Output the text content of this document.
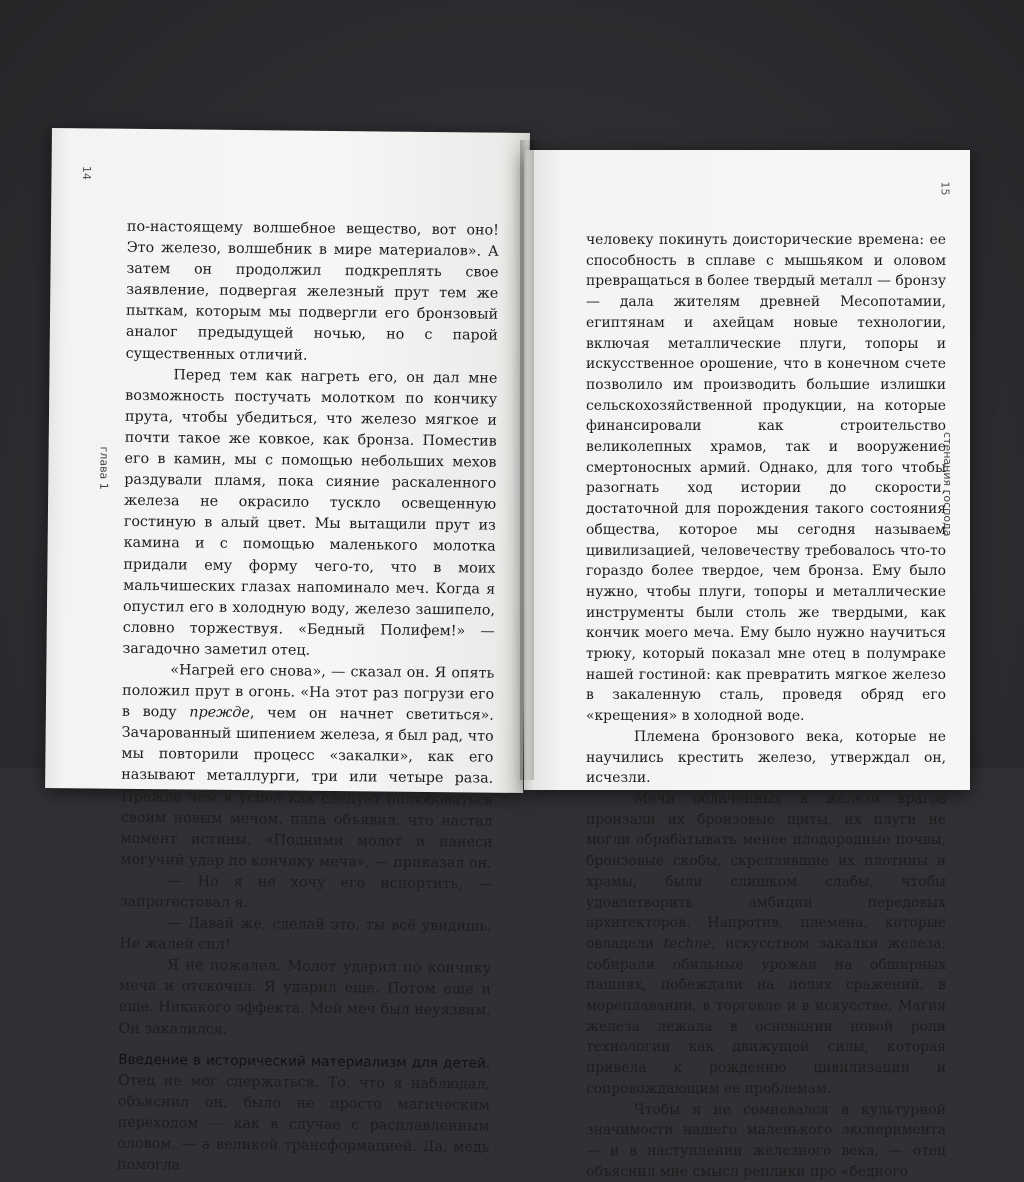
14
глава 1

по-настоящему волшебное вещество, вот оно! Это железо, волшебник в мире материалов». А затем он продолжил подкреплять свое заявление, подвергая железный прут тем же пыткам, которым мы подвергли его бронзовый аналог предыдущей ночью, но с парой существенных отличий.

Перед тем как нагреть его, он дал мне возможность постучать молотком по кончику прута, чтобы убедиться, что железо мягкое и почти такое же ковкое, как бронза. Поместив его в камин, мы с помощью небольших мехов раздували пламя, пока сияние раскаленного железа не окрасило тускло освещенную гостиную в алый цвет. Мы вытащили прут из камина и с помощью маленького молотка придали ему форму чего-то, что в моих мальчишеских глазах напоминало меч. Когда я опустил его в холодную воду, железо зашипело, словно торжествуя. «Бедный Полифем!» — загадочно заметил отец.

«Нагрей его снова», — сказал он. Я опять положил прут в огонь. «На этот раз погрузи его в воду прежде, чем он начнет светиться». Зачарованный шипением железа, я был рад, что мы повторили процесс «закалки», как его называют металлурги, три или четыре раза. Прежде чем я успел как следует полюбоваться своим новым мечом, папа объявил, что настал момент истины. «Подними молот и нанеси могучий удар по кончику меча», — приказал он.

— Но я не хочу его испортить, — запротестовал я.

— Давай же, сделай это, ты всё увидишь. Не жалей сил!

Я не пожалел. Молот ударил по кончику меча и отскочил. Я ударил еще. Потом еще и еще. Никакого эффекта. Мой меч был неуязвим. Он закалился.

Введение в исторический материализм для детей. Отец не мог сдержаться. То, что я наблюдал, объяснил он, было не просто магическим переходом — как в случае с расплавленным оловом, — а великой трансформацией. Да, медь помогла

15
стенания господа

человеку покинуть доисторические времена: ее способность в сплаве с мышьяком и оловом превращаться в более твердый металл — бронзу — дала жителям древней Месопотамии, египтянам и ахейцам новые технологии, включая металлические плуги, топоры и искусственное орошение, что в конечном счете позволило им производить большие излишки сельскохозяйственной продукции, на которые финансировали как строительство великолепных храмов, так и вооружение смертоносных армий. Однако, для того чтобы разогнать ход истории до скорости, достаточной для порождения такого состояния общества, которое мы сегодня называем цивилизацией, человечеству требовалось что-то гораздо более твердое, чем бронза. Ему было нужно, чтобы плуги, топоры и металлические инструменты были столь же твердыми, как кончик моего меча. Ему было нужно научиться трюку, который показал мне отец в полумраке нашей гостиной: как превратить мягкое железо в закаленную сталь, проведя обряд его «крещения» в холодной воде.

Племена бронзового века, которые не научились крестить железо, утверждал он, исчезли.

Мечи облаченных в железо врагов пронзали их бронзовые щиты, их плуги не могли обрабатывать менее плодородные почвы, бронзовые скобы, скреплявшие их плотины и храмы, были слишком слабы, чтобы удовлетворить амбиции передовых архитекторов. Напротив, племена, которые овладели techne, искусством закалки железа, собирали обильные урожаи на обширных пашнях, побеждали на полях сражений, в мореплавании, в торговле и в искусстве. Магия железа лежала в основании новой роли технологии как движущей силы, которая привела к рождению цивилизации и сопровождающим ее проблемам.

Чтобы я не сомневался в культурной значимости нашего маленького эксперимента — и в наступлении железного века, — отец объяснил мне смысл реплики про «бедного
